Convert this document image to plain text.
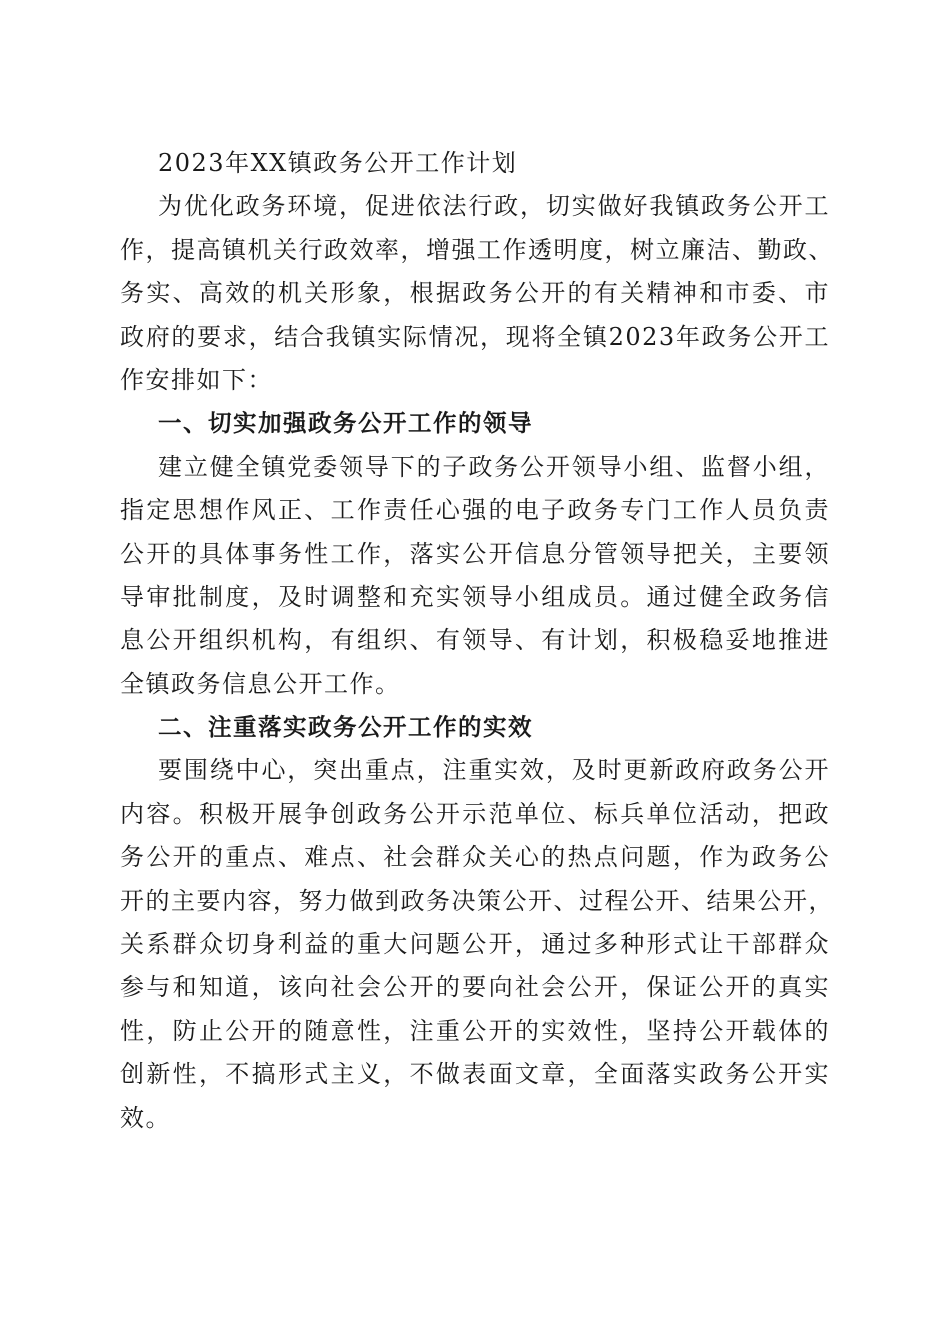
2023年XX镇政务公开工作计划
为优化政务环境，促进依法行政，切实做好我镇政务公开工
作，提高镇机关行政效率，增强工作透明度，树立廉洁、勤政、
务实、高效的机关形象，根据政务公开的有关精神和市委、市
政府的要求，结合我镇实际情况，现将全镇2023年政务公开工
作安排如下：
一、切实加强政务公开工作的领导
建立健全镇党委领导下的子政务公开领导小组、监督小组，
指定思想作风正、工作责任心强的电子政务专门工作人员负责
公开的具体事务性工作，落实公开信息分管领导把关，主要领
导审批制度，及时调整和充实领导小组成员。通过健全政务信
息公开组织机构，有组织、有领导、有计划，积极稳妥地推进
全镇政务信息公开工作。
二、注重落实政务公开工作的实效
要围绕中心，突出重点，注重实效，及时更新政府政务公开
内容。积极开展争创政务公开示范单位、标兵单位活动，把政
务公开的重点、难点、社会群众关心的热点问题，作为政务公
开的主要内容，努力做到政务决策公开、过程公开、结果公开，
关系群众切身利益的重大问题公开，通过多种形式让干部群众
参与和知道，该向社会公开的要向社会公开，保证公开的真实
性，防止公开的随意性，注重公开的实效性，坚持公开载体的
创新性，不搞形式主义，不做表面文章，全面落实政务公开实
效。
